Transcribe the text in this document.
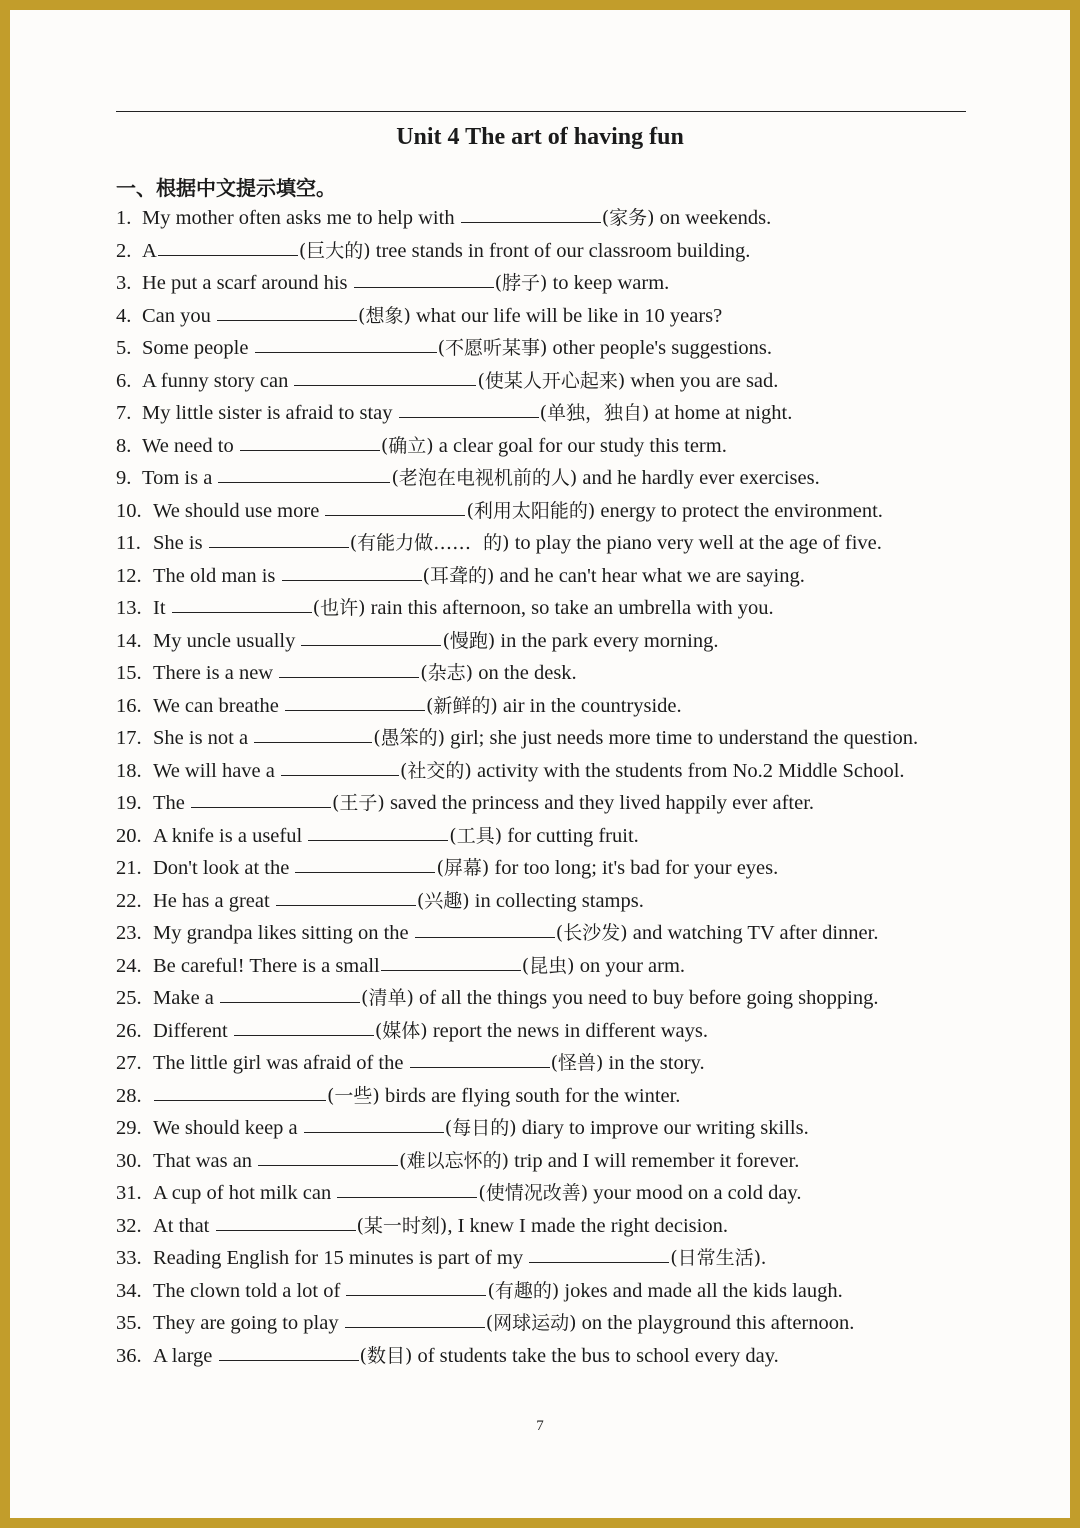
Unit 4 The art of having fun
一、根据中文提示填空。
1. My mother often asks me to help with	(家务) on weekends.
2. A	(巨大的) tree stands in front of our classroom building.
3. He put a scarf around his	(脖子) to keep warm.
4. Can you	(想象) what our life will be like in 10 years?
5. Some people	(不愿听某事) other people's suggestions.
6. A funny story can	(使某人开心起来) when you are sad.
7. My little sister is afraid to stay	(单独，独自) at home at night.
8. We need to	(确立) a clear goal for our study this term.
9. Tom is a	(老泡在电视机前的人) and he hardly ever exercises.
10. We should use more	(利用太阳能的) energy to protect the environment.
11. She is	(有能力做……  的) to play the piano very well at the age of five.
12. The old man is	(耳聋的) and he can't hear what we are saying.
13. It	(也许) rain this afternoon, so take an umbrella with you.
14. My uncle usually	(慢跑) in the park every morning.
15. There is a new	(杂志) on the desk.
16. We can breathe	(新鲜的) air in the countryside.
17. She is not a	(愚笨的) girl; she just needs more time to understand the question.
18. We will have a	(社交的) activity with the students from No.2 Middle School.
19. The	(王子) saved the princess and they lived happily ever after.
20. A knife is a useful	(工具) for cutting fruit.
21. Don't look at the	(屏幕) for too long; it's bad for your eyes.
22. He has a great	(兴趣) in collecting stamps.
23. My grandpa likes sitting on the	(长沙发) and watching TV after dinner.
24. Be careful! There is a small	(昆虫) on your arm.
25. Make a	(清单) of all the things you need to buy before going shopping.
26. Different	(媒体) report the news in different ways.
27. The little girl was afraid of the	(怪兽) in the story.
28.	(一些) birds are flying south for the winter.
29. We should keep a	(每日的) diary to improve our writing skills.
30. That was an	(难以忘怀的) trip and I will remember it forever.
31. A cup of hot milk can	(使情况改善) your mood on a cold day.
32. At that	(某一时刻) , I knew I made the right decision.
33. Reading English for 15 minutes is part of my	(日常生活) .
34. The clown told a lot of	(有趣的) jokes and made all the kids laugh.
35. They are going to play	(网球运动) on the playground this afternoon.
36. A large	(数目) of students take the bus to school every day.
7
